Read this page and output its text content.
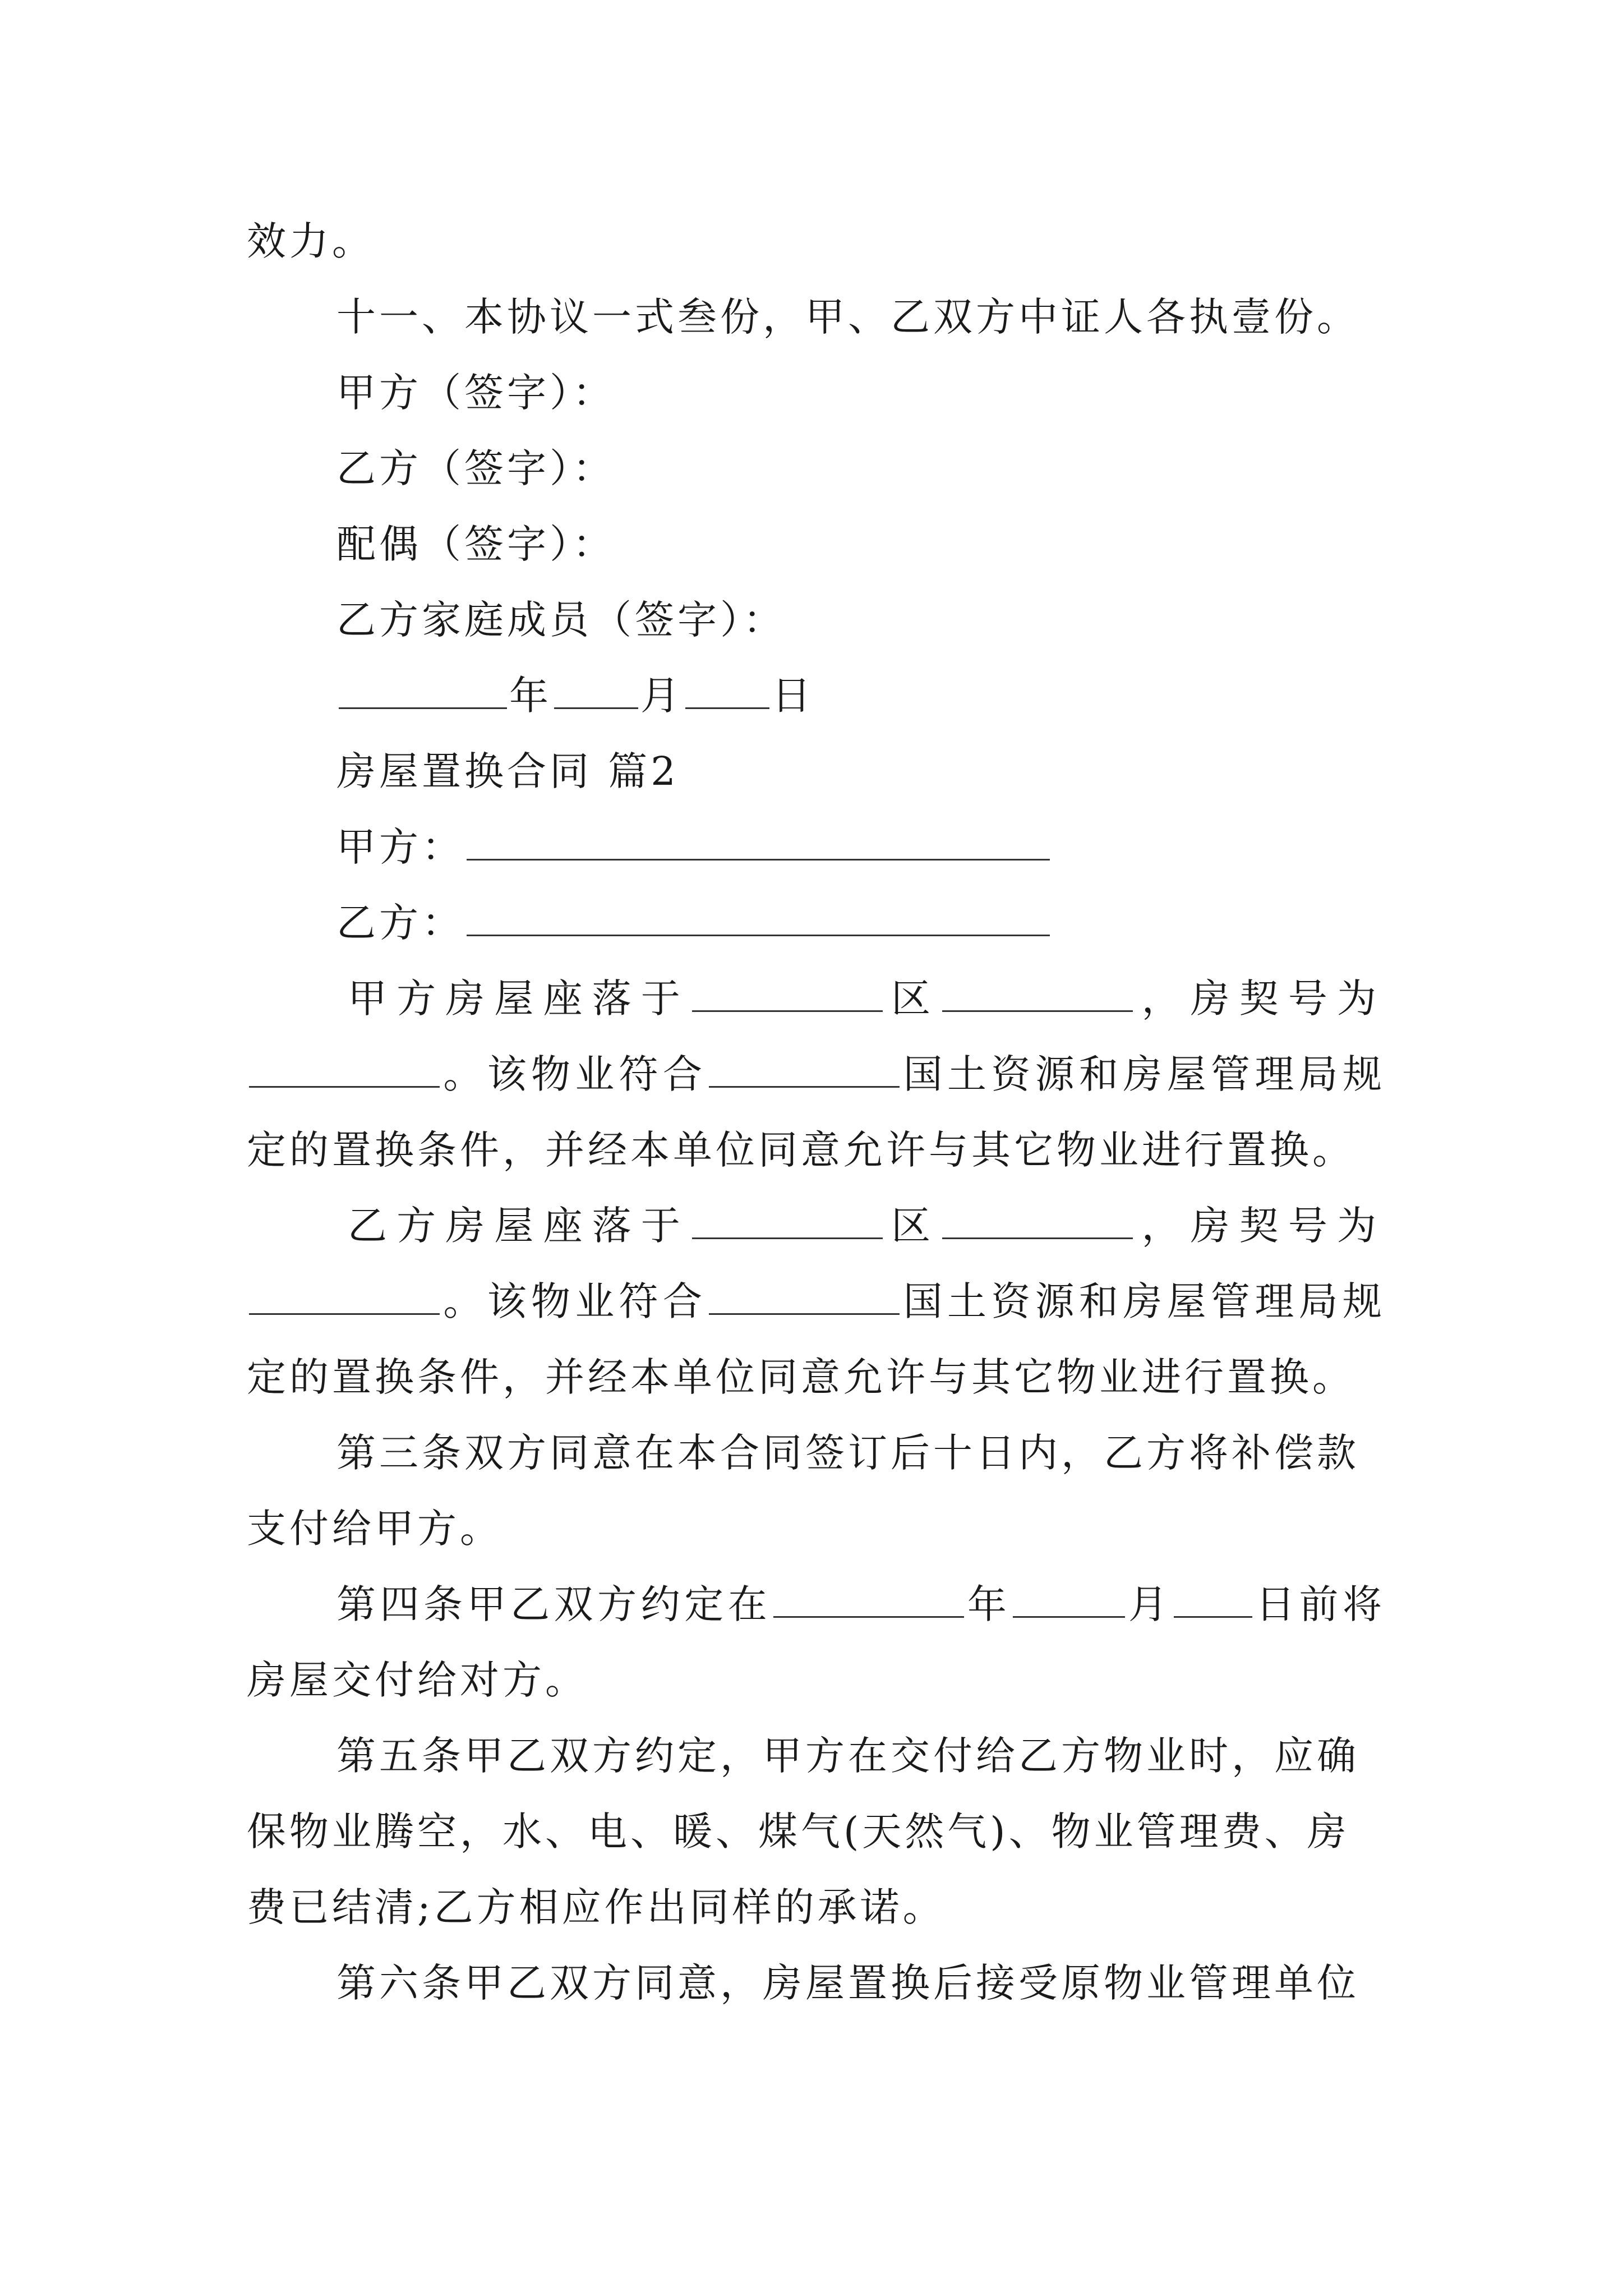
效力。
十一、本协议一式叁份，甲、乙双方中证人各执壹份。
甲方（签字）：
乙方（签字）：
配偶（签字）：
乙方家庭成员（签字）：
年 月 日
房屋置换合同 篇2
甲方：
乙方：
甲方房屋座落于	区	，房契号为
。该物业符合	国土资源和房屋管理局规
定的置换条件，并经本单位同意允许与其它物业进行置换。
乙方房屋座落于	区	，房契号为
。该物业符合	国土资源和房屋管理局规
定的置换条件，并经本单位同意允许与其它物业进行置换。
第三条双方同意在本合同签订后十日内，乙方将补偿款
支付给甲方。
第四条甲乙双方约定在	年	月 日前将
房屋交付给对方。
第五条甲乙双方约定，甲方在交付给乙方物业时，应确
保物业腾空，水、电、暖、煤气(天然气)、物业管理费、房
费已结清;乙方相应作出同样的承诺。
第六条甲乙双方同意，房屋置换后接受原物业管理单位
